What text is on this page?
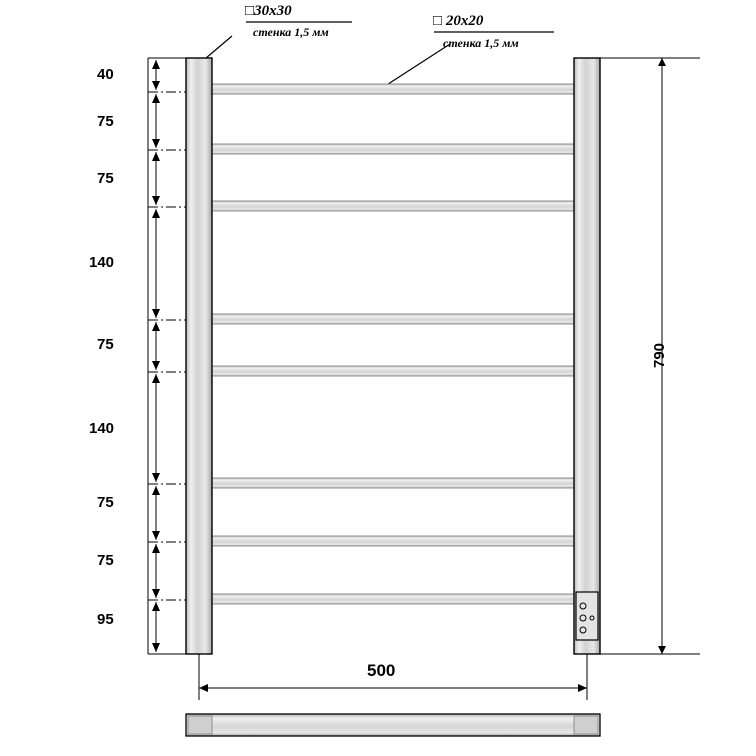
□30x30
стенка 1,5 мм
□ 20x20
стенка 1,5 мм
40
75
75
140
75
140
75
75
95
790
500
